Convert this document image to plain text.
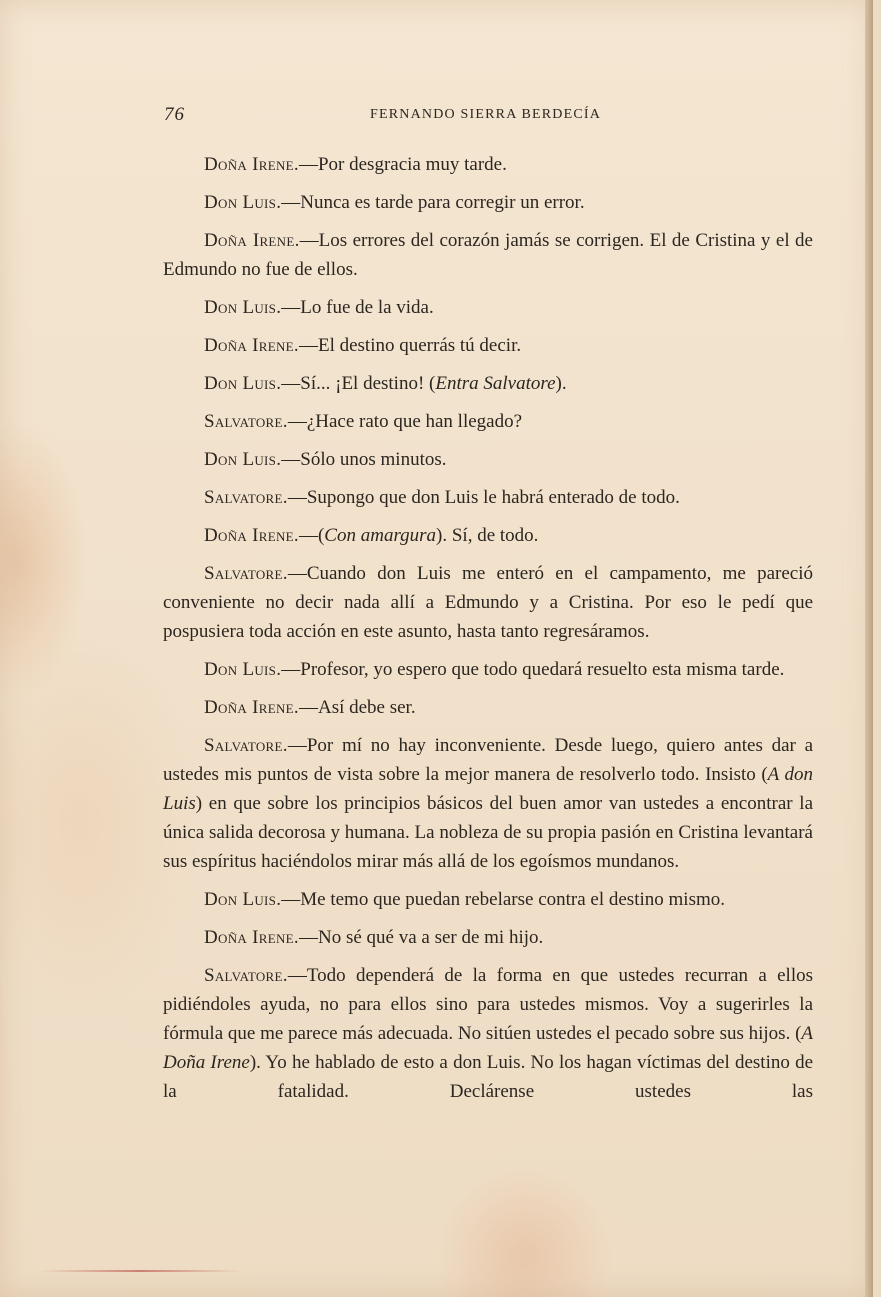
76	FERNANDO SIERRA BERDECÍA

Doña Irene.—Por desgracia muy tarde.

Don Luis.—Nunca es tarde para corregir un error.

Doña Irene.—Los errores del corazón jamás se corrigen. El de Cristina y el de Edmundo no fue de ellos.

Don Luis.—Lo fue de la vida.

Doña Irene.—El destino querrás tú decir.

Don Luis.—Sí... ¡El destino! (Entra Salvatore).

Salvatore.—¿Hace rato que han llegado?

Don Luis.—Sólo unos minutos.

Salvatore.—Supongo que don Luis le habrá enterado de todo.

Doña Irene.—(Con amargura). Sí, de todo.

Salvatore.—Cuando don Luis me enteró en el campamento, me pareció conveniente no decir nada allí a Edmundo y a Cristina. Por eso le pedí que pospusiera toda acción en este asunto, hasta tanto regresáramos.

Don Luis.—Profesor, yo espero que todo quedará resuelto esta misma tarde.

Doña Irene.—Así debe ser.

Salvatore.—Por mí no hay inconveniente. Desde luego, quiero antes dar a ustedes mis puntos de vista sobre la mejor manera de resolverlo todo. Insisto (A don Luis) en que sobre los principios básicos del buen amor van ustedes a encontrar la única salida decorosa y humana. La nobleza de su propia pasión en Cristina levantará sus espíritus haciéndolos mirar más allá de los egoísmos mundanos.

Don Luis.—Me temo que puedan rebelarse contra el destino mismo.

Doña Irene.—No sé qué va a ser de mi hijo.

Salvatore.—Todo dependerá de la forma en que ustedes recurran a ellos pidiéndoles ayuda, no para ellos sino para ustedes mismos. Voy a sugerirles la fórmula que me parece más adecuada. No sitúen ustedes el pecado sobre sus hijos. (A Doña Irene). Yo he hablado de esto a don Luis. No los hagan víctimas del destino de la fatalidad. Declárense ustedes las
